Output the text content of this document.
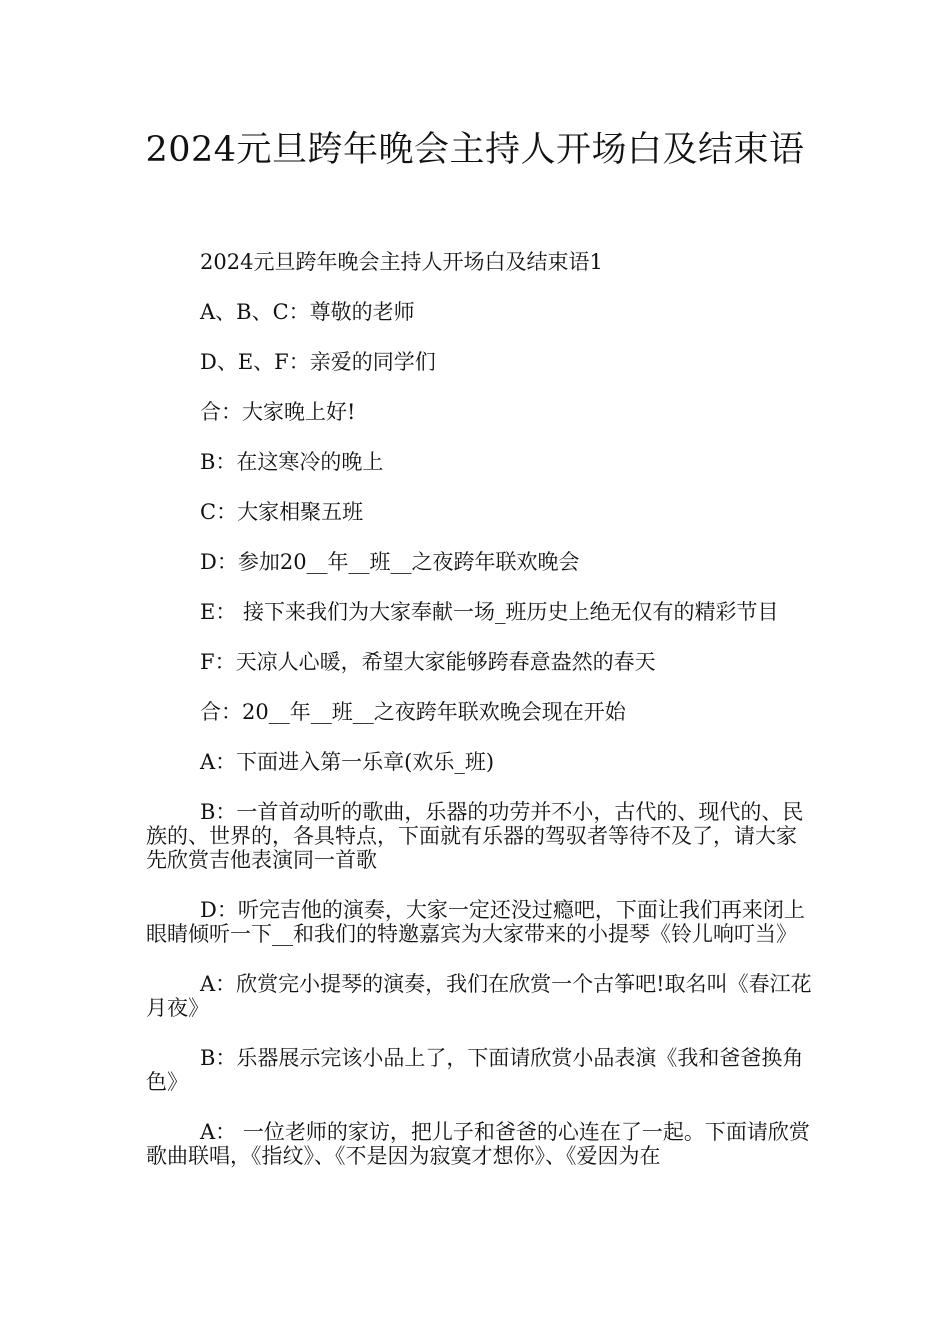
2024元旦跨年晚会主持人开场白及结束语

2024元旦跨年晚会主持人开场白及结束语1

A、B、C：尊敬的老师

D、E、F：亲爱的同学们

合：大家晚上好!

B：在这寒冷的晚上

C：大家相聚五班

D：参加20__年__班__之夜跨年联欢晚会

E： 接下来我们为大家奉献一场_班历史上绝无仅有的精彩节目

F：天凉人心暖，希望大家能够跨春意盎然的春天

合：20__年__班__之夜跨年联欢晚会现在开始

A：下面进入第一乐章(欢乐_班)

B：一首首动听的歌曲，乐器的功劳并不小，古代的、现代的、民族的、世界的，各具特点，下面就有乐器的驾驭者等待不及了，请大家先欣赏吉他表演同一首歌

D：听完吉他的演奏，大家一定还没过瘾吧，下面让我们再来闭上眼睛倾听一下__和我们的特邀嘉宾为大家带来的小提琴《铃儿响叮当》

A：欣赏完小提琴的演奏，我们在欣赏一个古筝吧!取名叫《春江花月夜》

B：乐器展示完该小品上了，下面请欣赏小品表演《我和爸爸换角色》

A： 一位老师的家访，把儿子和爸爸的心连在了一起。下面请欣赏歌曲联唱，《指纹》、《不是因为寂寞才想你》、《爱因为在
